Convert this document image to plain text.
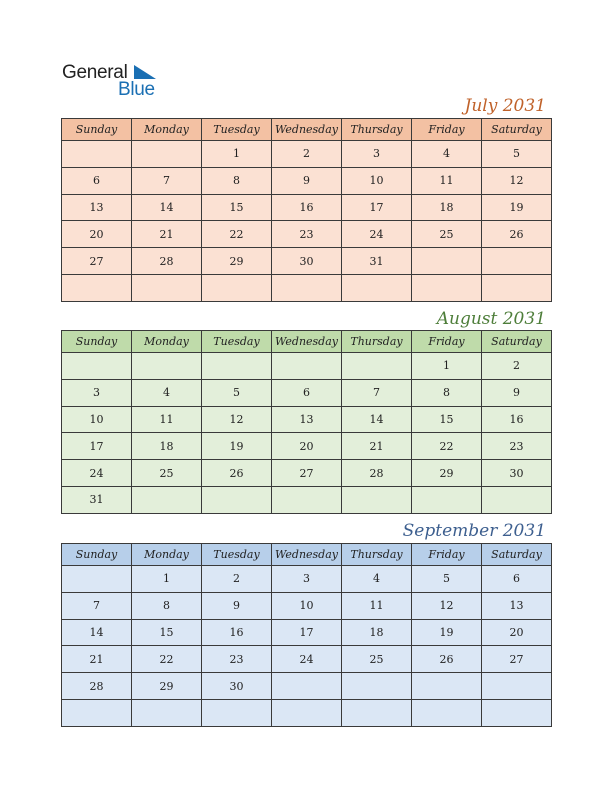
General
Blue
July 2031
Sunday	Monday	Tuesday	Wednesday	Thursday	Friday	Saturday
		1	2	3	4	5
6	7	8	9	10	11	12
13	14	15	16	17	18	19
20	21	22	23	24	25	26
27	28	29	30	31		

August 2031
Sunday	Monday	Tuesday	Wednesday	Thursday	Friday	Saturday
					1	2
3	4	5	6	7	8	9
10	11	12	13	14	15	16
17	18	19	20	21	22	23
24	25	26	27	28	29	30
31						
September 2031
Sunday	Monday	Tuesday	Wednesday	Thursday	Friday	Saturday
	1	2	3	4	5	6
7	8	9	10	11	12	13
14	15	16	17	18	19	20
21	22	23	24	25	26	27
28	29	30				
